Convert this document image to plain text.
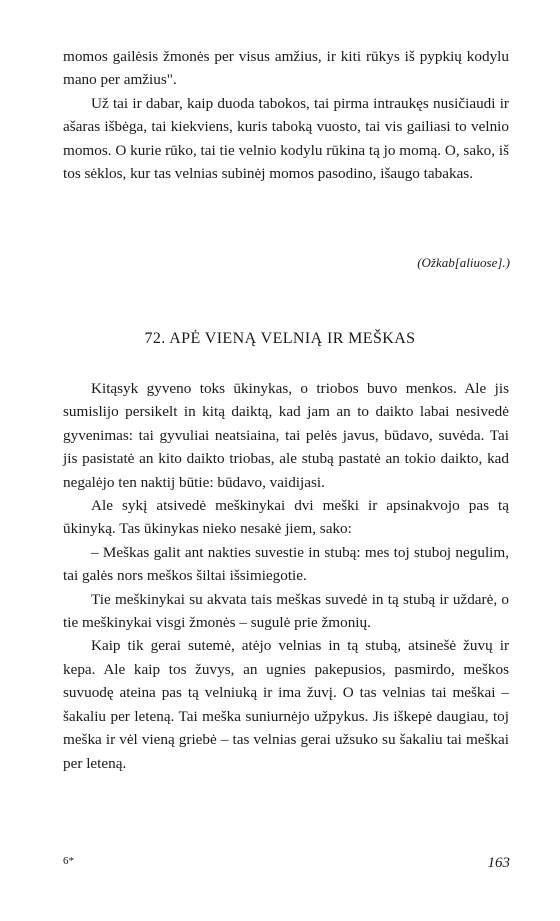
momos gailėsis žmonės per visus amžius, ir kiti rūkys iš pypkių kodylu mano per amžius".

Už tai ir dabar, kaip duoda tabokos, tai pirma intraukęs nusičiaudi ir ašaras išbėga, tai kiekviens, kuris taboką vuosto, tai vis gailiasi to velnio momos. O kurie rūko, tai tie velnio kodylu rūkina tą jo momą. O, sako, iš tos sėklos, kur tas velnias subinėj momos pasodino, išaugo tabakas.

(Ožkab[aliuose].)
72. APĖ VIENĄ VELNIĄ IR MEŠKAS

Kitąsyk gyveno toks ūkinykas, o triobos buvo menkos. Ale jis sumislijo persikelt in kitą daiktą, kad jam an to daikto labai nesivedė gyvenimas: tai gyvuliai neatsiaina, tai pelės javus, būdavo, suvėda. Tai jis pasistatė an kito daikto triobas, ale stubą pastatė an tokio daikto, kad negalėjo ten naktij būtie: būdavo, vaidijasi.

Ale sykį atsivedė meškinykai dvi meški ir apsinakvojo pas tą ūkinyką. Tas ūkinykas nieko nesakė jiem, sako:

– Meškas galit ant nakties suvestie in stubą: mes toj stuboj negulim, tai galės nors meškos šiltai išsimiegotie.

Tie meškinykai su akvata tais meškas suvedė in tą stubą ir uždarė, o tie meškinykai visgi žmonės – sugulė prie žmonių.

Kaip tik gerai sutemė, atėjo velnias in tą stubą, atsinešė žuvų ir kepa. Ale kaip tos žuvys, an ugnies pakepusios, pasmirdo, meškos suvuodę ateina pas tą velniuką ir ima žuvį. O tas velnias tai meškai – šakaliu per leteną. Tai meška suniurnėjo užpykus. Jis iškepė daugiau, toj meška ir vėl vieną griebė – tas velnias gerai užsuko su šakaliu tai meškai per leteną.

6*	163
